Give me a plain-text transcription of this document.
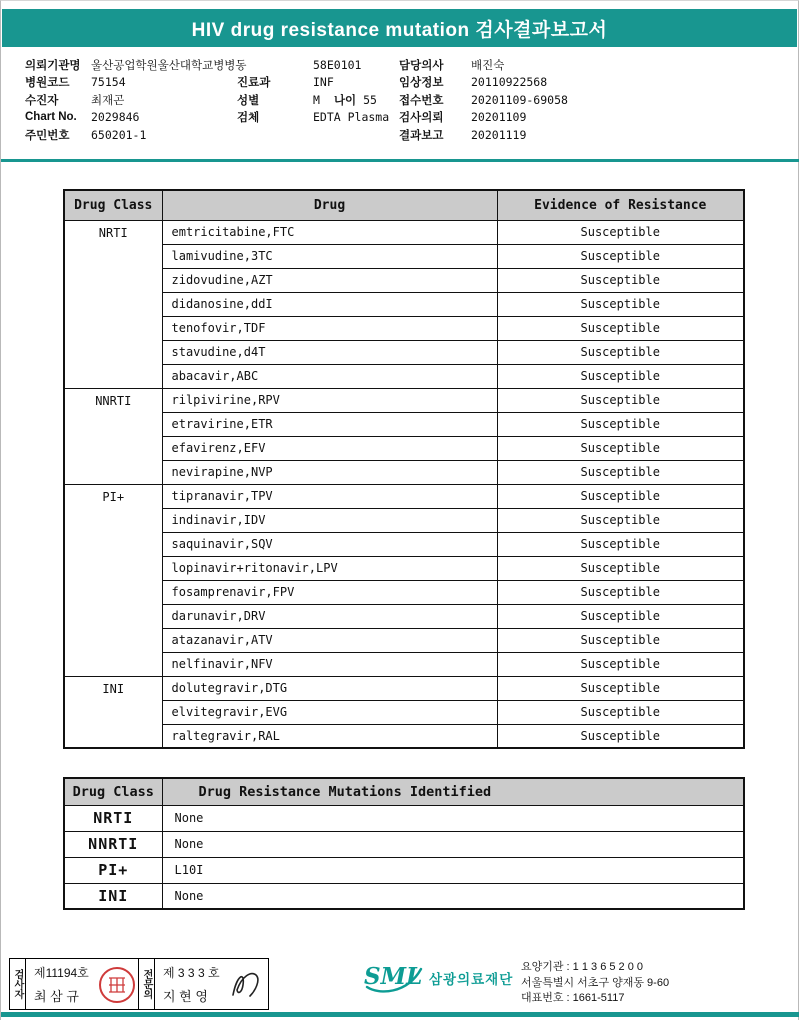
HIV drug resistance mutation 검사결과보고서
의뢰기관명 울산공업학원울산대학교병병동
병원코드	75154
수진자	최재곤
Chart No.	2029846
주민번호	650201-1
58E0101
진료과	INF
성별	M 나이 55
검체	EDTA Plasma
담당의사	배진숙
임상정보	20110922568
접수번호	20201109-69058
검사의뢰	20201109
결과보고	20201119
Drug Class	Drug	Evidence of Resistance
NRTI	emtricitabine,FTC	Susceptible
	lamivudine,3TC	Susceptible
	zidovudine,AZT	Susceptible
	didanosine,ddI	Susceptible
	tenofovir,TDF	Susceptible
	stavudine,d4T	Susceptible
	abacavir,ABC	Susceptible
NNRTI	rilpivirine,RPV	Susceptible
	etravirine,ETR	Susceptible
	efavirenz,EFV	Susceptible
	nevirapine,NVP	Susceptible
PI+	tipranavir,TPV	Susceptible
	indinavir,IDV	Susceptible
	saquinavir,SQV	Susceptible
	lopinavir+ritonavir,LPV	Susceptible
	fosamprenavir,FPV	Susceptible
	darunavir,DRV	Susceptible
	atazanavir,ATV	Susceptible
	nelfinavir,NFV	Susceptible
INI	dolutegravir,DTG	Susceptible
	elvitegravir,EVG	Susceptible
	raltegravir,RAL	Susceptible
Drug Class	Drug Resistance Mutations Identified
NRTI	None
NNRTI	None
PI+	L10I
INI	None
검사자 제11194호
최 삼 규	전문의 제 3 3 3 호
지 현 영
SML 삼광의료재단
요양기관 : 1 1 3 6 5 2 0 0
서울특별시 서초구 양재동 9-60
대표번호 : 1661-5117
